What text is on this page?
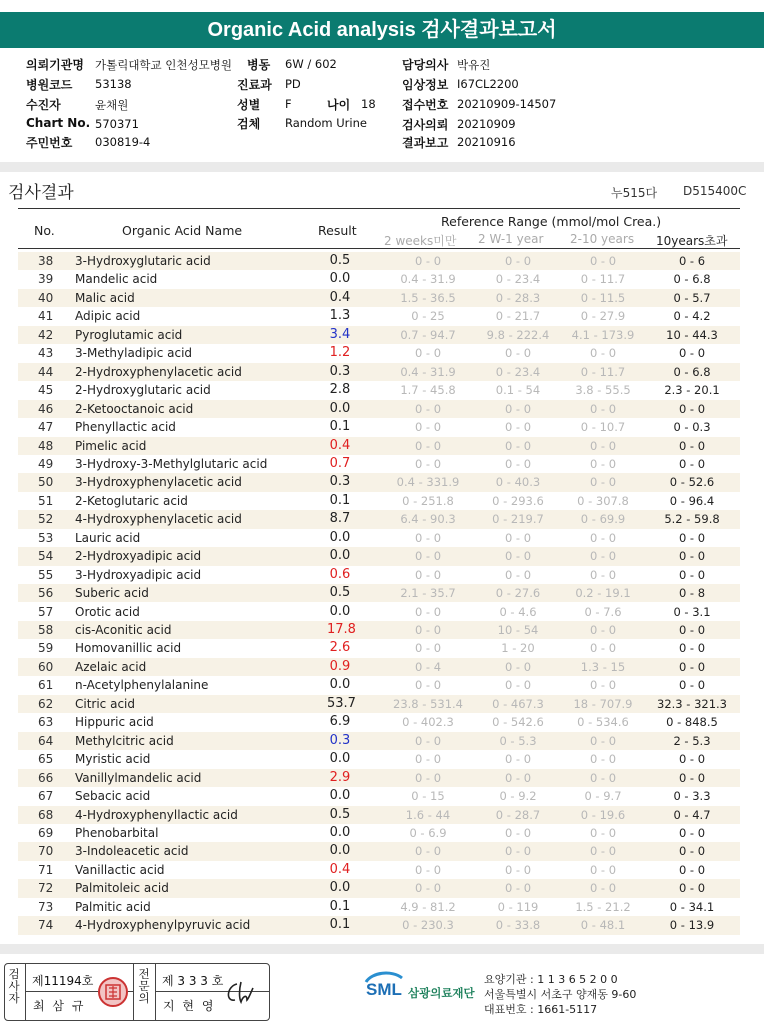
Organic Acid analysis 검사결과보고서
의뢰기관명 가톨릭대학교 인천성모병원 병동 6W / 602	담당의사 박유진
병원코드 53138	진료과 PD	임상정보 I67CL2200
수진자	윤채원	성별 F	나이 18 접수번호 20210909-14507
Chart No. 570371	검체 Random Urine	검사의뢰 20210909
주민번호 030819-4	결과보고 20210916
검사결과	누515다 D515400C
No.	Organic Acid Name	Result
Reference Range (mmol/mol Crea.)
2 weeks미만 2 W-1 year 2-10 years 10years초과
38 3-Hydroxyglutaric acid	0.5	0 - 0	0 - 0	0 - 0	0 - 6
39 Mandelic acid	0.0	0.4 - 31.9	0 - 23.4	0 - 11.7	0 - 6.8
40 Malic acid	0.4	1.5 - 36.5	0 - 28.3	0 - 11.5	0 - 5.7
41 Adipic acid	1.3	0 - 25	0 - 21.7	0 - 27.9	0 - 4.2
42 Pyroglutamic acid	3.4	0.7 - 94.7	9.8 - 222.4	4.1 - 173.9	10 - 44.3
43 3-Methyladipic acid	1.2	0 - 0	0 - 0	0 - 0	0 - 0
44 2-Hydroxyphenylacetic acid	0.3	0.4 - 31.9	0 - 23.4	0 - 11.7	0 - 6.8
45 2-Hydroxyglutaric acid	2.8	1.7 - 45.8	0.1 - 54	3.8 - 55.5	2.3 - 20.1
46 2-Ketooctanoic acid	0.0	0 - 0	0 - 0	0 - 0	0 - 0
47 Phenyllactic acid	0.1	0 - 0	0 - 0	0 - 10.7	0 - 0.3
48 Pimelic acid	0.4	0 - 0	0 - 0	0 - 0	0 - 0
49 3-Hydroxy-3-Methylglutaric acid	0.7	0 - 0	0 - 0	0 - 0	0 - 0
50 3-Hydroxyphenylacetic acid	0.3	0.4 - 331.9	0 - 40.3	0 - 0	0 - 52.6
51 2-Ketoglutaric acid	0.1	0 - 251.8	0 - 293.6	0 - 307.8	0 - 96.4
52 4-Hydroxyphenylacetic acid	8.7	6.4 - 90.3	0 - 219.7	0 - 69.9	5.2 - 59.8
53 Lauric acid	0.0	0 - 0	0 - 0	0 - 0	0 - 0
54 2-Hydroxyadipic acid	0.0	0 - 0	0 - 0	0 - 0	0 - 0
55 3-Hydroxyadipic acid	0.6	0 - 0	0 - 0	0 - 0	0 - 0
56 Suberic acid	0.5	2.1 - 35.7	0 - 27.6	0.2 - 19.1	0 - 8
57 Orotic acid	0.0	0 - 0	0 - 4.6	0 - 7.6	0 - 3.1
58 cis-Aconitic acid	17.8	0 - 0	10 - 54	0 - 0	0 - 0
59 Homovanillic acid	2.6	0 - 0	1 - 20	0 - 0	0 - 0
60 Azelaic acid	0.9	0 - 4	0 - 0	1.3 - 15	0 - 0
61 n-Acetylphenylalanine	0.0	0 - 0	0 - 0	0 - 0	0 - 0
62 Citric acid	53.7	23.8 - 531.4	0 - 467.3	18 - 707.9	32.3 - 321.3
63 Hippuric acid	6.9	0 - 402.3	0 - 542.6	0 - 534.6	0 - 848.5
64 Methylcitric acid	0.3	0 - 0	0 - 5.3	0 - 0	2 - 5.3
65 Myristic acid	0.0	0 - 0	0 - 0	0 - 0	0 - 0
66 Vanillylmandelic acid	2.9	0 - 0	0 - 0	0 - 0	0 - 0
67 Sebacic acid	0.0	0 - 15	0 - 9.2	0 - 9.7	0 - 3.3
68 4-Hydroxyphenyllactic acid	0.5	1.6 - 44	0 - 28.7	0 - 19.6	0 - 4.7
69 Phenobarbital	0.0	0 - 6.9	0 - 0	0 - 0	0 - 0
70 3-Indoleacetic acid	0.0	0 - 0	0 - 0	0 - 0	0 - 0
71 Vanillactic acid	0.4	0 - 0	0 - 0	0 - 0	0 - 0
72 Palmitoleic acid	0.0	0 - 0	0 - 0	0 - 0	0 - 0
73 Palmitic acid	0.1	4.9 - 81.2	0 - 119	1.5 - 21.2	0 - 34.1
74 4-Hydroxyphenylpyruvic acid	0.1	0 - 230.3	0 - 33.8	0 - 48.1	0 - 13.9
검
사
자
제11194호
최 삼 규
전
문
의
제 3 3 3 호
지 현 영
SML 삼광의료재단
요양기관 : 1 1 3 6 5 2 0 0
서울특별시 서초구 양재동 9-60
대표번호 : 1661-5117
